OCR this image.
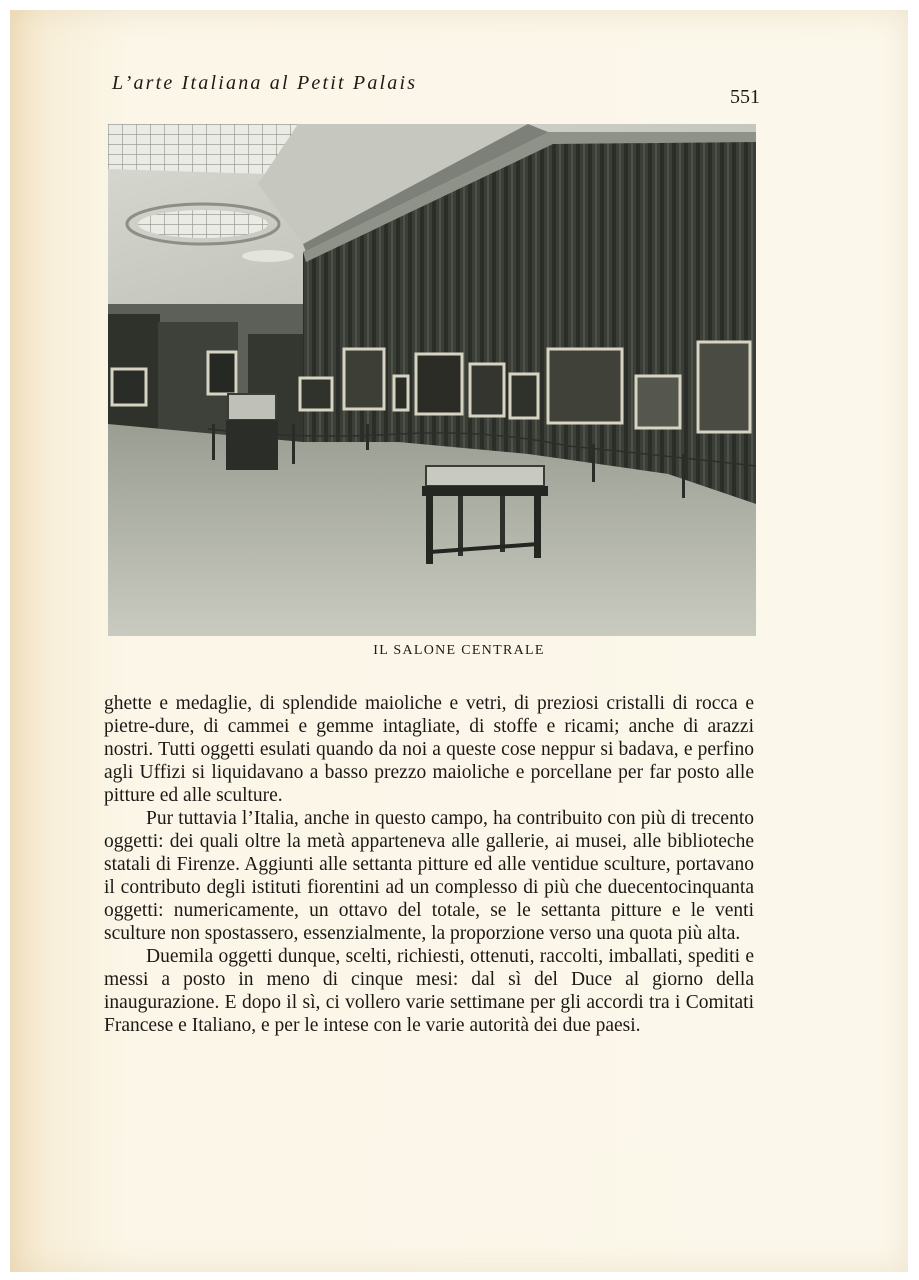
L’arte Italiana al Petit Palais
551
IL SALONE CENTRALE

ghette e medaglie, di splendide maioliche e vetri, di preziosi cristalli di rocca e pietre-dure, di cammei e gemme intagliate, di stoffe e ricami; anche di arazzi nostri. Tutti oggetti esulati quando da noi a queste cose neppur si badava, e perfino agli Uffizi si liquidavano a basso prezzo maioliche e porcellane per far posto alle pitture ed alle sculture.

Pur tuttavia l’Italia, anche in questo campo, ha contribuito con più di trecento oggetti: dei quali oltre la metà apparteneva alle gallerie, ai musei, alle biblioteche statali di Firenze. Aggiunti alle settanta pitture ed alle ventidue sculture, portavano il contributo degli istituti fiorentini ad un complesso di più che duecentocinquanta oggetti: numericamente, un ottavo del totale, se le settanta pitture e le venti sculture non spostassero, essenzialmente, la proporzione verso una quota più alta.

Duemila oggetti dunque, scelti, richiesti, ottenuti, raccolti, imballati, spediti e messi a posto in meno di cinque mesi: dal sì del Duce al giorno della inaugurazione. E dopo il sì, ci vollero varie settimane per gli accordi tra i Comitati Francese e Italiano, e per le intese con le varie autorità dei due paesi.
